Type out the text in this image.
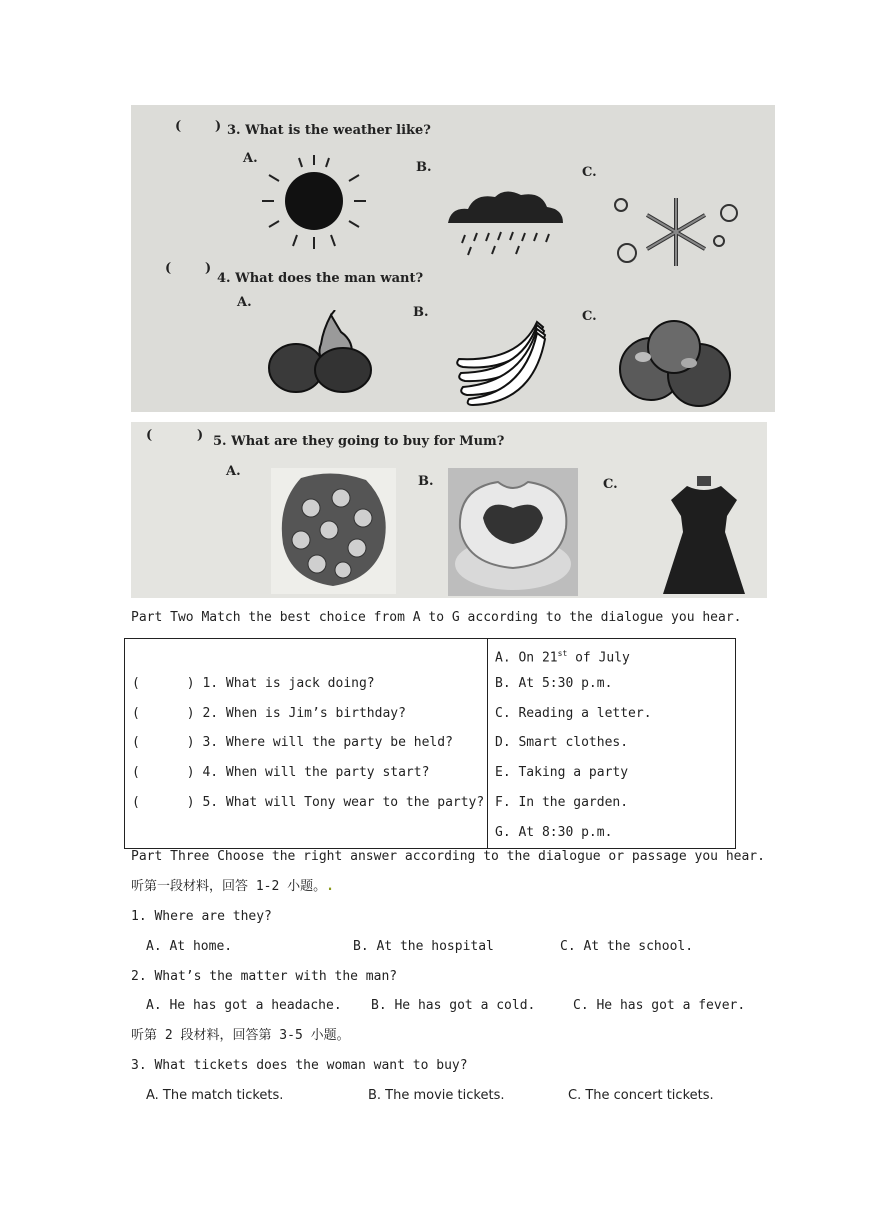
(	) 3. What is the weather like?
A.
B.	C.
(	)
4. What does the man want?
A.
B.	C.
(	) 5. What are they going to buy for Mum?
A.
B.	C.
Part Two Match the best choice from A to G according to the dialogue you hear.

(      ) 1. What is jack doing?
(      ) 2. When is Jim’s birthday?
(      ) 3. Where will the party be held?
(      ) 4. When will the party start?
(      ) 5. What will Tony wear to the party?

A. On 21st of July
B. At 5:30 p.m.
C. Reading a letter.
D. Smart clothes.
E. Taking a party
F. In the garden.
G. At 8:30 p.m.
Part Three Choose the right answer according to the dialogue or passage you hear.
听第一段材料，回答 1-2 小题。.
1. Where are they?
A. At home.	B. At the hospital	C. At the school.
2. What’s the matter with the man?
A. He has got a headache. B. He has got a cold.	C. He has got a fever.
听第 2 段材料，回答第 3-5 小题。
3. What tickets does the woman want to buy?
A. The match tickets.	B. The movie tickets.	C. The concert tickets.
